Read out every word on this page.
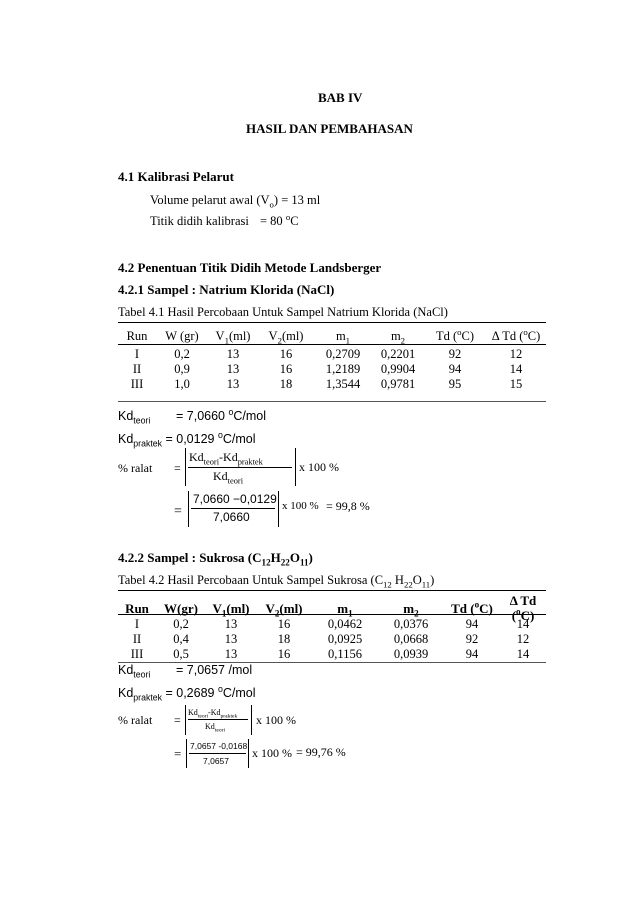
BAB IV
HASIL DAN PEMBAHASAN
4.1 Kalibrasi Pelarut
Volume pelarut awal $(V_o) = 13$ ml
Titik didih kalibrasi = 80 $^o$C
4.2 Penentuan Titik Didih Metode Landsberger
4.2.1 Sampel : Natrium Klorida (NaCl)
Tabel 4.1 Hasil Percobaan Untuk Sampel Natrium Klorida (NaCl)
Run	W (gr)	$V_1(ml)$	$V_2(ml)$	$m_1$	$m_2$	Td ($^o$C)	Δ Td ($^o$C)
I	0,2	13	16	0,2709	0,2201	92	12
II	0,9	13	16	1,2189	0,9904	94	14
III	1,0	13	18	1,3544	0,9781	95	15
$Kd_{teori} = 7,0660$ $^o$C/mol
$Kd_{praktek} = 0,0129$ $^o$C/mol
% ralat =
$Kd_{teori}-Kd_{praktek}$
$Kd_{teori}$
x 100 %
=
7,0660 −0,0129
7,0660
x 100 % = 99,8 %
4.2.2 Sampel : Sukrosa $(C_{12}H_{22}O_{11})$
Tabel 4.2 Hasil Percobaan Untuk Sampel Sukrosa ($C_{12}$ $H_{22}O_{11}$)
Run	W(gr)	$V_1(ml)$	$V_2(ml)$	$m_1$	$m_2$	Td ($^o$C)	Δ Td ($^o$C)
I	0,2	13	16	0,0462	0,0376	94	14
II	0,4	13	18	0,0925	0,0668	92	12
III	0,5	13	16	0,1156	0,0939	94	14
$Kd_{teori} = 7,0657$ /mol
$Kd_{praktek} = 0,2689$ $^o$C/mol
% ralat =
$Kd_{teori}-Kd_{praktek}$
$Kd_{teori}$
x 100 %
= 7,0657 -0,0168
7,0657
x 100 % = 99,76 %
